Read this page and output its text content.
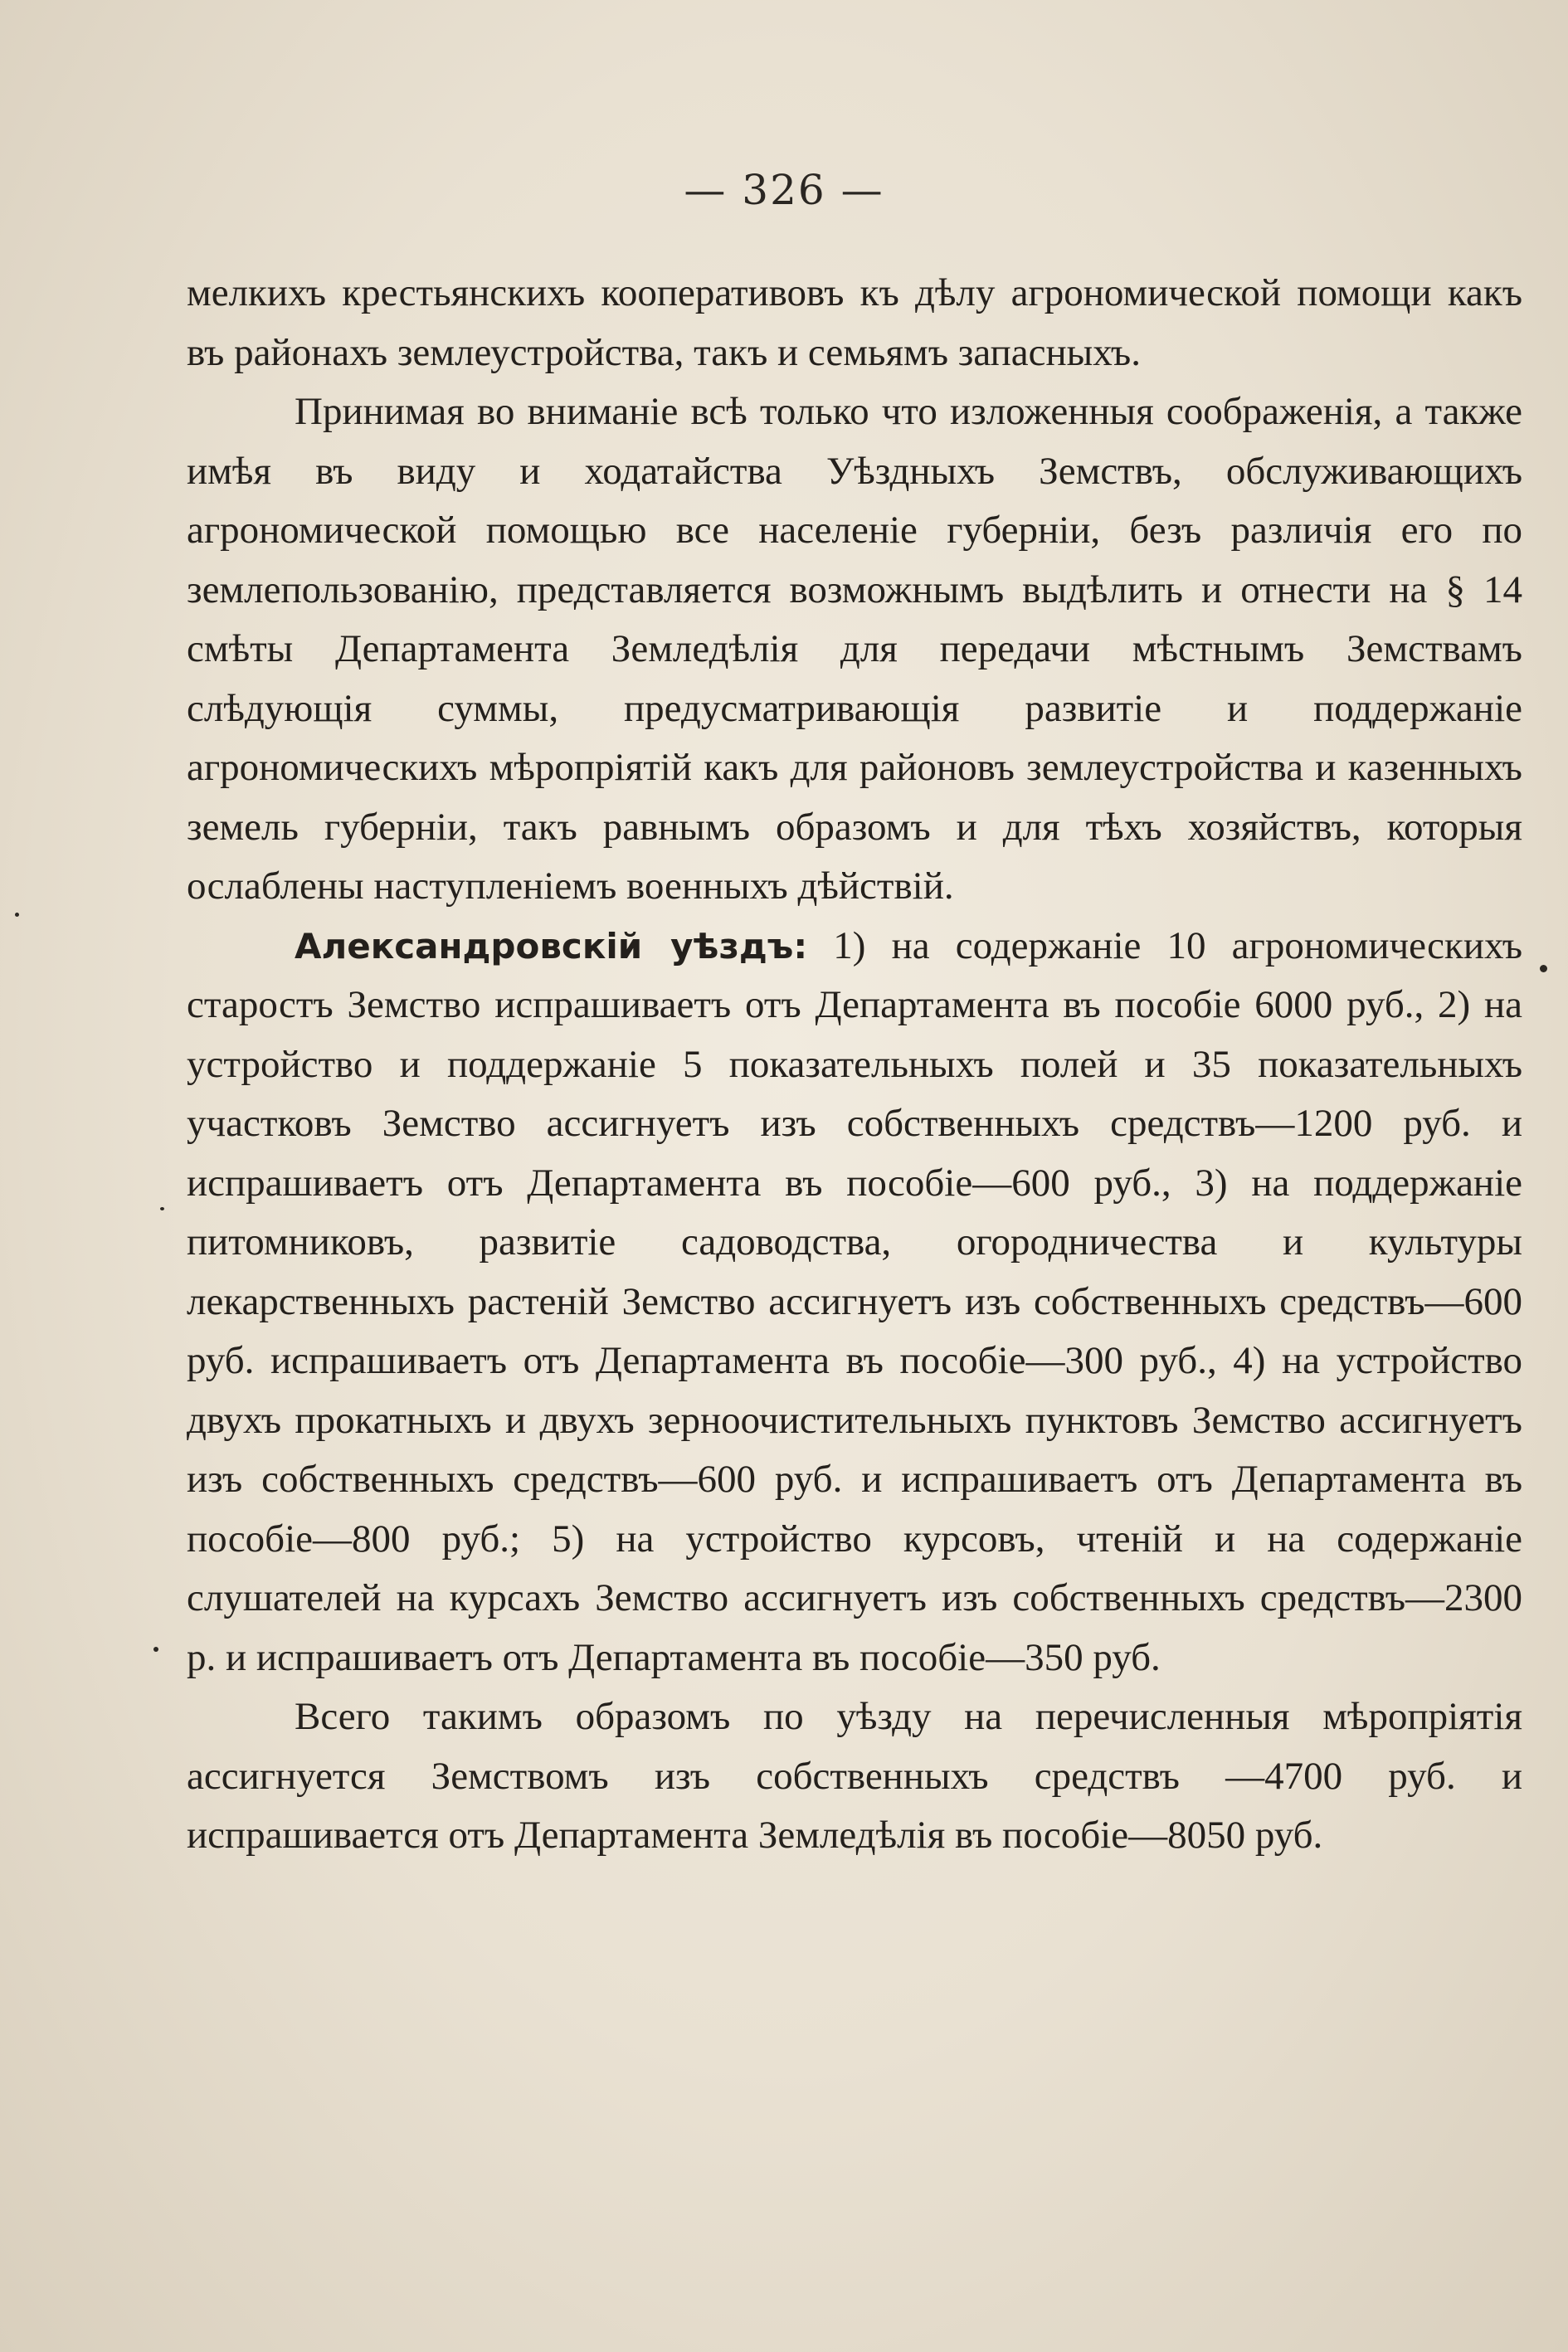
— 326 —

мелкихъ крестьянскихъ кооперативовъ къ дѣлу агрономической помощи какъ въ районахъ землеустройства, такъ и семьямъ запасныхъ.

Принимая во вниманіе всѣ только что изложенныя соображенія, а также имѣя въ виду и ходатайства Уѣздныхъ Земствъ, обслуживающихъ агрономической помощью все населеніе губерніи, безъ различія его по землепользованію, представляется возможнымъ выдѣлить и отнести на § 14 смѣты Департамента Земледѣлія для передачи мѣстнымъ Земствамъ слѣдующія суммы, предусматривающія развитіе и поддержаніе агрономическихъ мѣропріятій какъ для районовъ землеустройства и казенныхъ земель губерніи, такъ равнымъ образомъ и для тѣхъ хозяйствъ, которыя ослаблены наступленіемъ военныхъ дѣйствій.

Александровскій уѣздъ: 1) на содержаніе 10 агрономическихъ старостъ Земство испрашиваетъ отъ Департамента въ пособіе 6000 руб., 2) на устройство и поддержаніе 5 показательныхъ полей и 35 показательныхъ участковъ Земство ассигнуетъ изъ собственныхъ средствъ—1200 руб. и испрашиваетъ отъ Департамента въ пособіе—600 руб., 3) на поддержаніе питомниковъ, развитіе садоводства, огородничества и культуры лекарственныхъ растеній Земство ассигнуетъ изъ собственныхъ средствъ—600 руб. испрашиваетъ отъ Департамента въ пособіе—300 руб., 4) на устройство двухъ прокатныхъ и двухъ зерноочистительныхъ пунктовъ Земство ассигнуетъ изъ собственныхъ средствъ—600 руб. и испрашиваетъ отъ Департамента въ пособіе—800 руб.; 5) на устройство курсовъ, чтеній и на содержаніе слушателей на курсахъ Земство ассигнуетъ изъ собственныхъ средствъ—2300 р. и испрашиваетъ отъ Департамента въ пособіе—350 руб.

Всего такимъ образомъ по уѣзду на перечисленныя мѣропріятія ассигнуется Земствомъ изъ собственныхъ средствъ —4700 руб. и испрашивается отъ Департамента Земледѣлія въ пособіе—8050 руб.
